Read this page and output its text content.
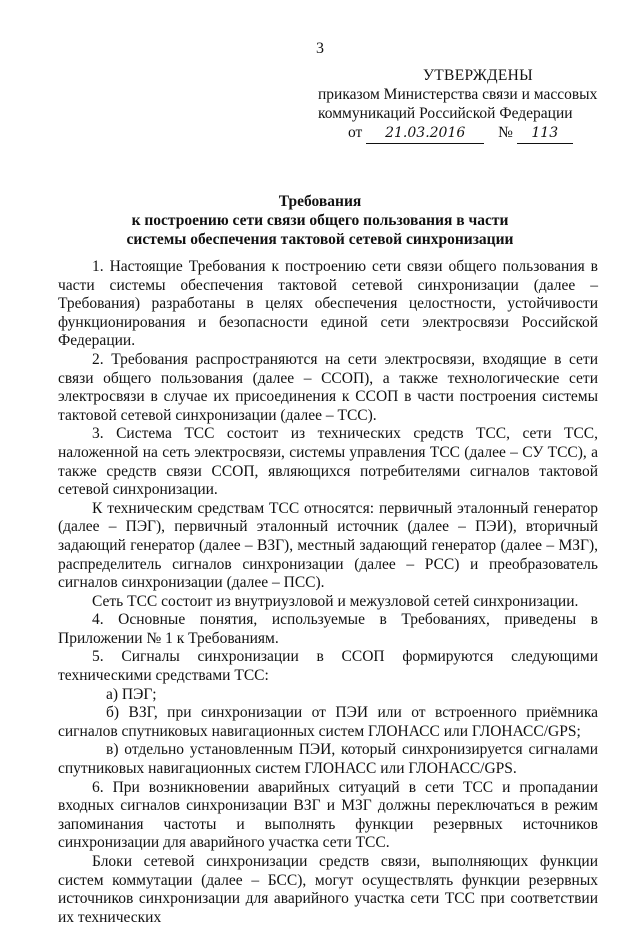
3
УТВЕРЖДЕНЫ
приказом Министерства связи и массовых
коммуникаций Российской Федерации
от 21.03.2016 № 113
Требования
к построению сети связи общего пользования в части
системы обеспечения тактовой сетевой синхронизации

1. Настоящие Требования к построению сети связи общего пользования в части системы обеспечения тактовой сетевой синхронизации (далее – Требования) разработаны в целях обеспечения целостности, устойчивости функционирования и безопасности единой сети электросвязи Российской Федерации.

2. Требования распространяются на сети электросвязи, входящие в сети связи общего пользования (далее – ССОП), а также технологические сети электросвязи в случае их присоединения к ССОП в части построения системы тактовой сетевой синхронизации (далее – ТСС).

3. Система ТСС состоит из технических средств ТСС, сети ТСС, наложенной на сеть электросвязи, системы управления ТСС (далее – СУ ТСС), а также средств связи ССОП, являющихся потребителями сигналов тактовой сетевой синхронизации.

К техническим средствам ТСС относятся: первичный эталонный генератор (далее – ПЭГ), первичный эталонный источник (далее – ПЭИ), вторичный задающий генератор (далее – ВЗГ), местный задающий генератор (далее – МЗГ), распределитель сигналов синхронизации (далее – РСС) и преобразователь сигналов синхронизации (далее – ПСС).

Сеть ТСС состоит из внутриузловой и межузловой сетей синхронизации.

4. Основные понятия, используемые в Требованиях, приведены в Приложении № 1 к Требованиям.

5. Сигналы синхронизации в ССОП формируются следующими техническими средствами ТСС:

а) ПЭГ;

б) ВЗГ, при синхронизации от ПЭИ или от встроенного приёмника сигналов спутниковых навигационных систем ГЛОНАСС или ГЛОНАСС/GPS;

в) отдельно установленным ПЭИ, который синхронизируется сигналами спутниковых навигационных систем ГЛОНАСС или ГЛОНАСС/GPS.

6. При возникновении аварийных ситуаций в сети ТСС и пропадании входных сигналов синхронизации ВЗГ и МЗГ должны переключаться в режим запоминания частоты и выполнять функции резервных источников синхронизации для аварийного участка сети ТСС.

Блоки сетевой синхронизации средств связи, выполняющих функции систем коммутации (далее – БСС), могут осуществлять функции резервных источников синхронизации для аварийного участка сети ТСС при соответствии их технических
